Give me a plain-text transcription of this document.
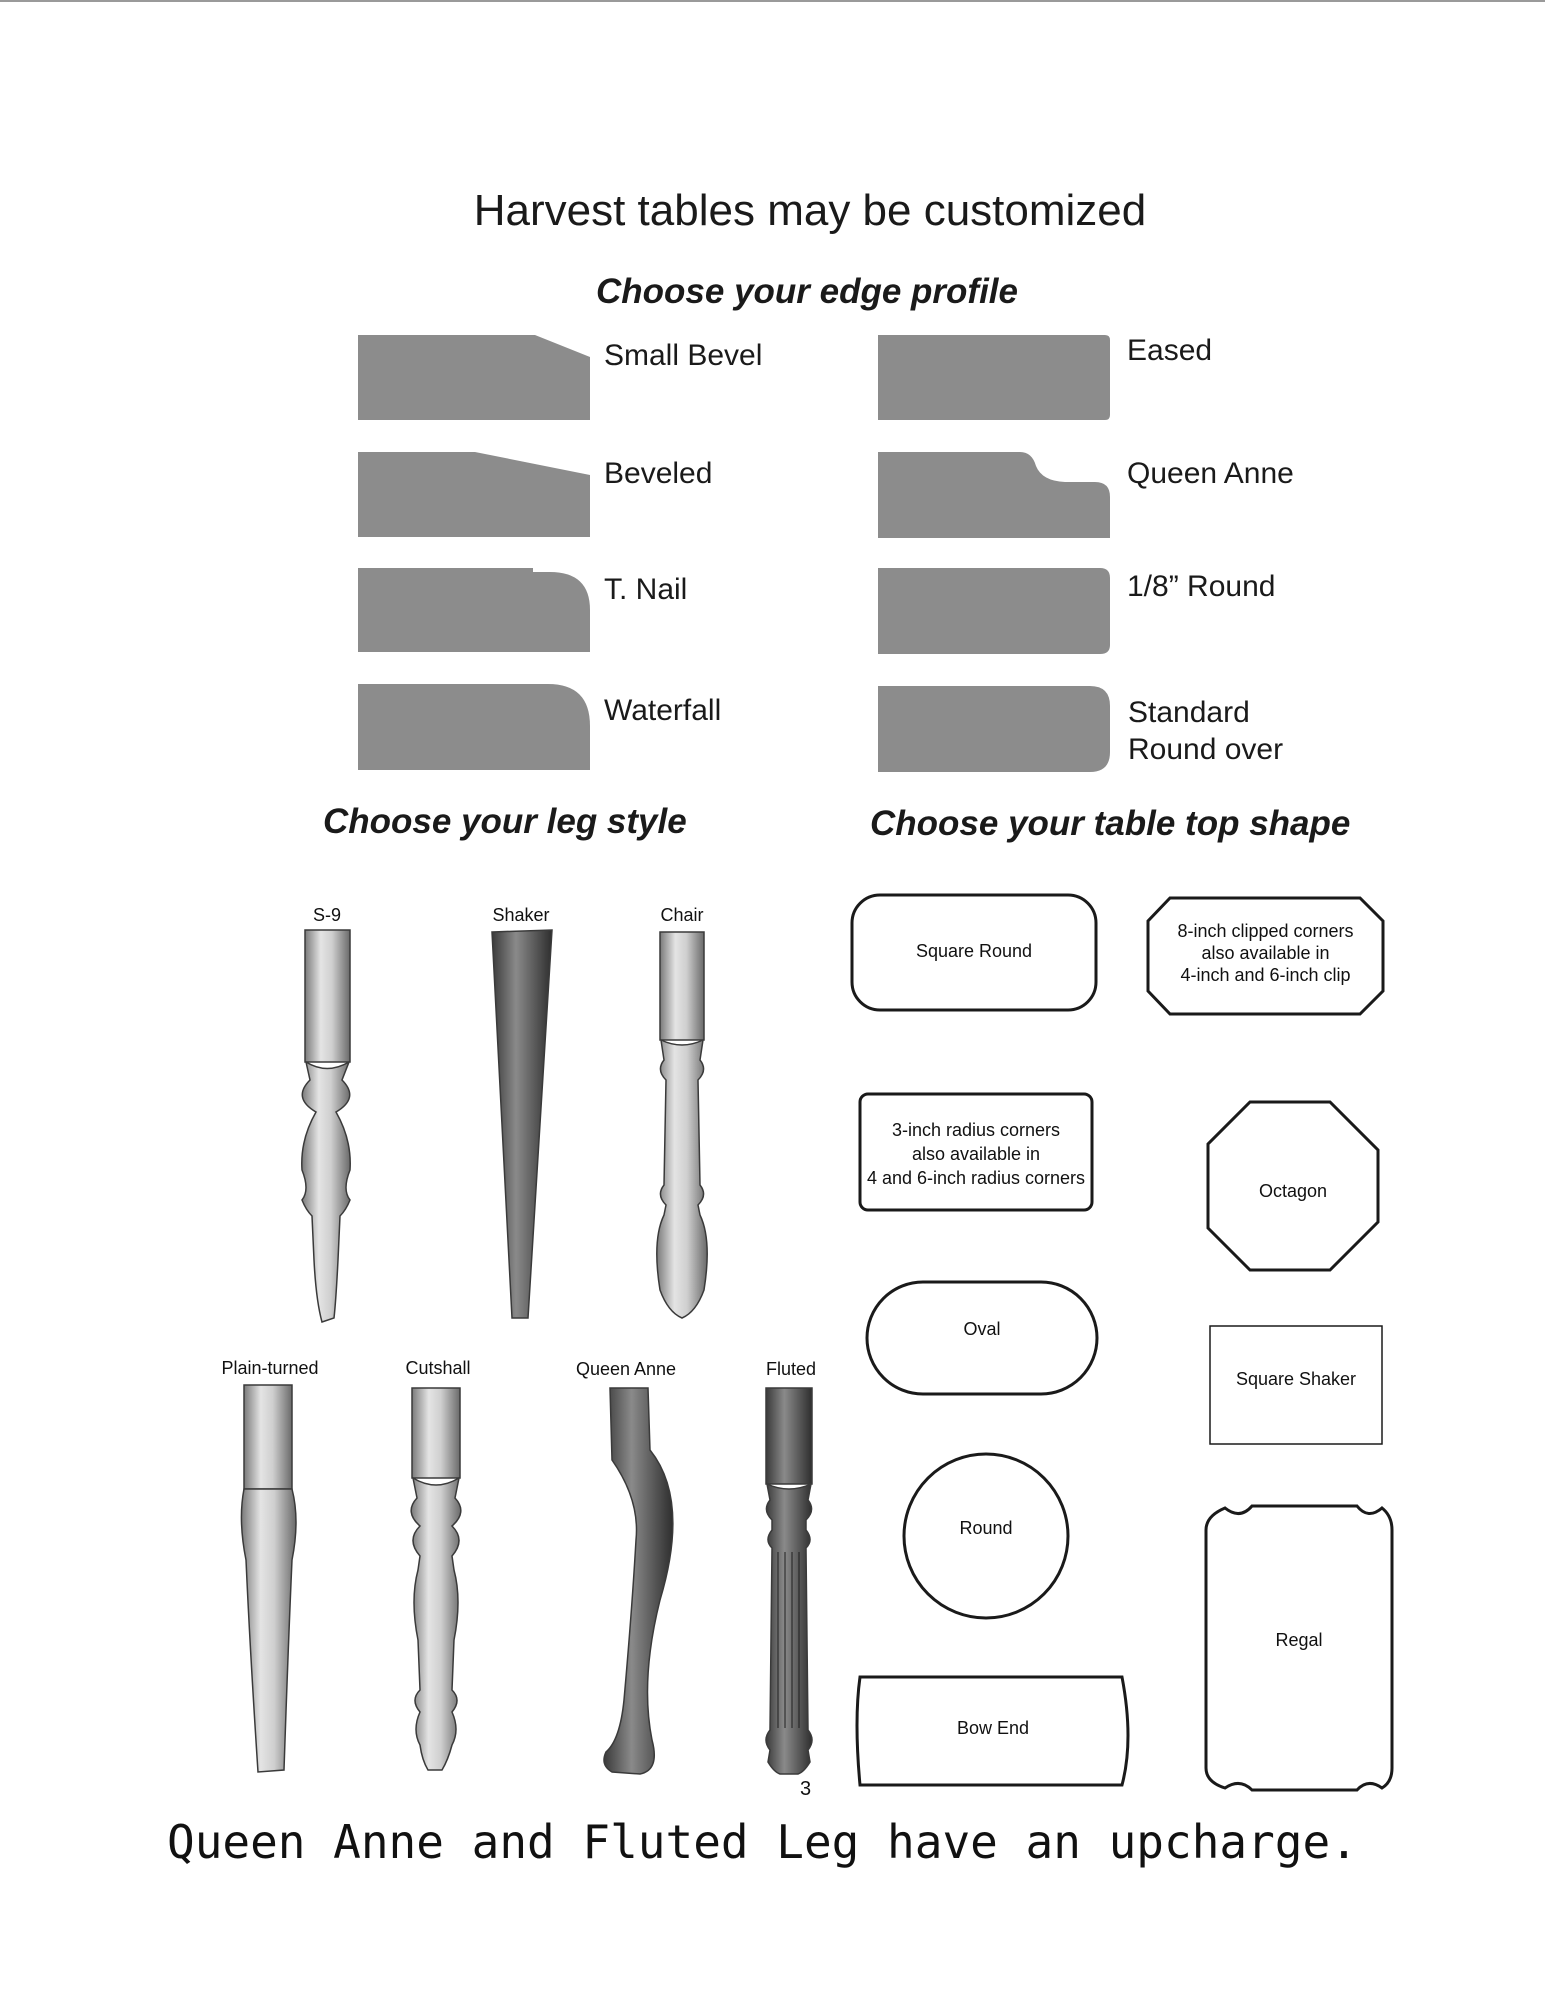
Harvest tables may be customized
Choose your edge profile
Choose your leg style	Choose your table top shape
Small Bevel
Beveled
T. Nail
Waterfall
Eased
Queen Anne
1/8” Round
Standard
Round over
S-9	Shaker	Chair
Plain-turned	Cutshall	Queen Anne	Fluted
Square Round
8-inch clipped corners
also available in
4-inch and 6-inch clip
3-inch radius corners
also available in
4 and 6-inch radius corners
Octagon
Oval
Square Shaker
Round
Regal
Bow End
3
Queen Anne and Fluted Leg have an upcharge.
